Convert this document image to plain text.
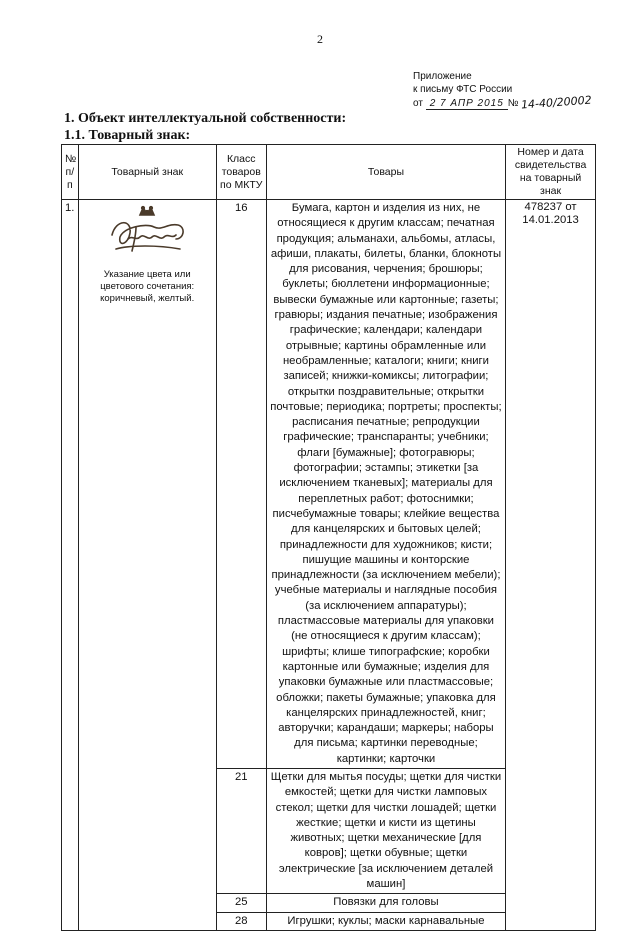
2
Приложение
к письму ФТС России
от 2 7 АПР 2015 № 14-40/20002
1. Объект интеллектуальной собственности:
1.1. Товарный знак:
№ п/п	Товарный знак	Класс товаров по МКТУ	Товары	Номер и дата свидетельства на товарный знак
1.	Указание цвета или цветового сочетания: коричневый, желтый.	16	Бумага, картон и изделия из них, не относящиеся к другим классам; печатная продукция; альманахи, альбомы, атласы, афиши, плакаты, билеты, бланки, блокноты для рисования, черчения; брошюры; буклеты; бюллетени информационные; вывески бумажные или картонные; газеты; гравюры; издания печатные; изображения графические; календари; календари отрывные; картины обрамленные или необрамленные; каталоги; книги; книги записей; книжки-комиксы; литографии; открытки поздравительные; открытки почтовые; периодика; портреты; проспекты; расписания печатные; репродукции графические; транспаранты; учебники; флаги [бумажные]; фотогравюры; фотографии; эстампы; этикетки [за исключением тканевых]; материалы для переплетных работ; фотоснимки; писчебумажные товары; клейкие вещества для канцелярских и бытовых целей; принадлежности для художников; кисти; пишущие машины и конторские принадлежности (за исключением мебели); учебные материалы и наглядные пособия (за исключением аппаратуры); пластмассовые материалы для упаковки (не относящиеся к другим классам); шрифты; клише типографские; коробки картонные или бумажные; изделия для упаковки бумажные или пластмассовые; обложки; пакеты бумажные; упаковка для канцелярских принадлежностей, книг; авторучки; карандаши; маркеры; наборы для письма; картинки переводные; картинки; карточки	478237 от 14.01.2013
		21	Щетки для мытья посуды; щетки для чистки емкостей; щетки для чистки ламповых стекол; щетки для чистки лошадей; щетки жесткие; щетки и кисти из щетины животных; щетки механические [для ковров]; щетки обувные; щетки электрические [за исключением деталей машин]	
		25	Повязки для головы	
		28	Игрушки; куклы; маски карнавальные	
